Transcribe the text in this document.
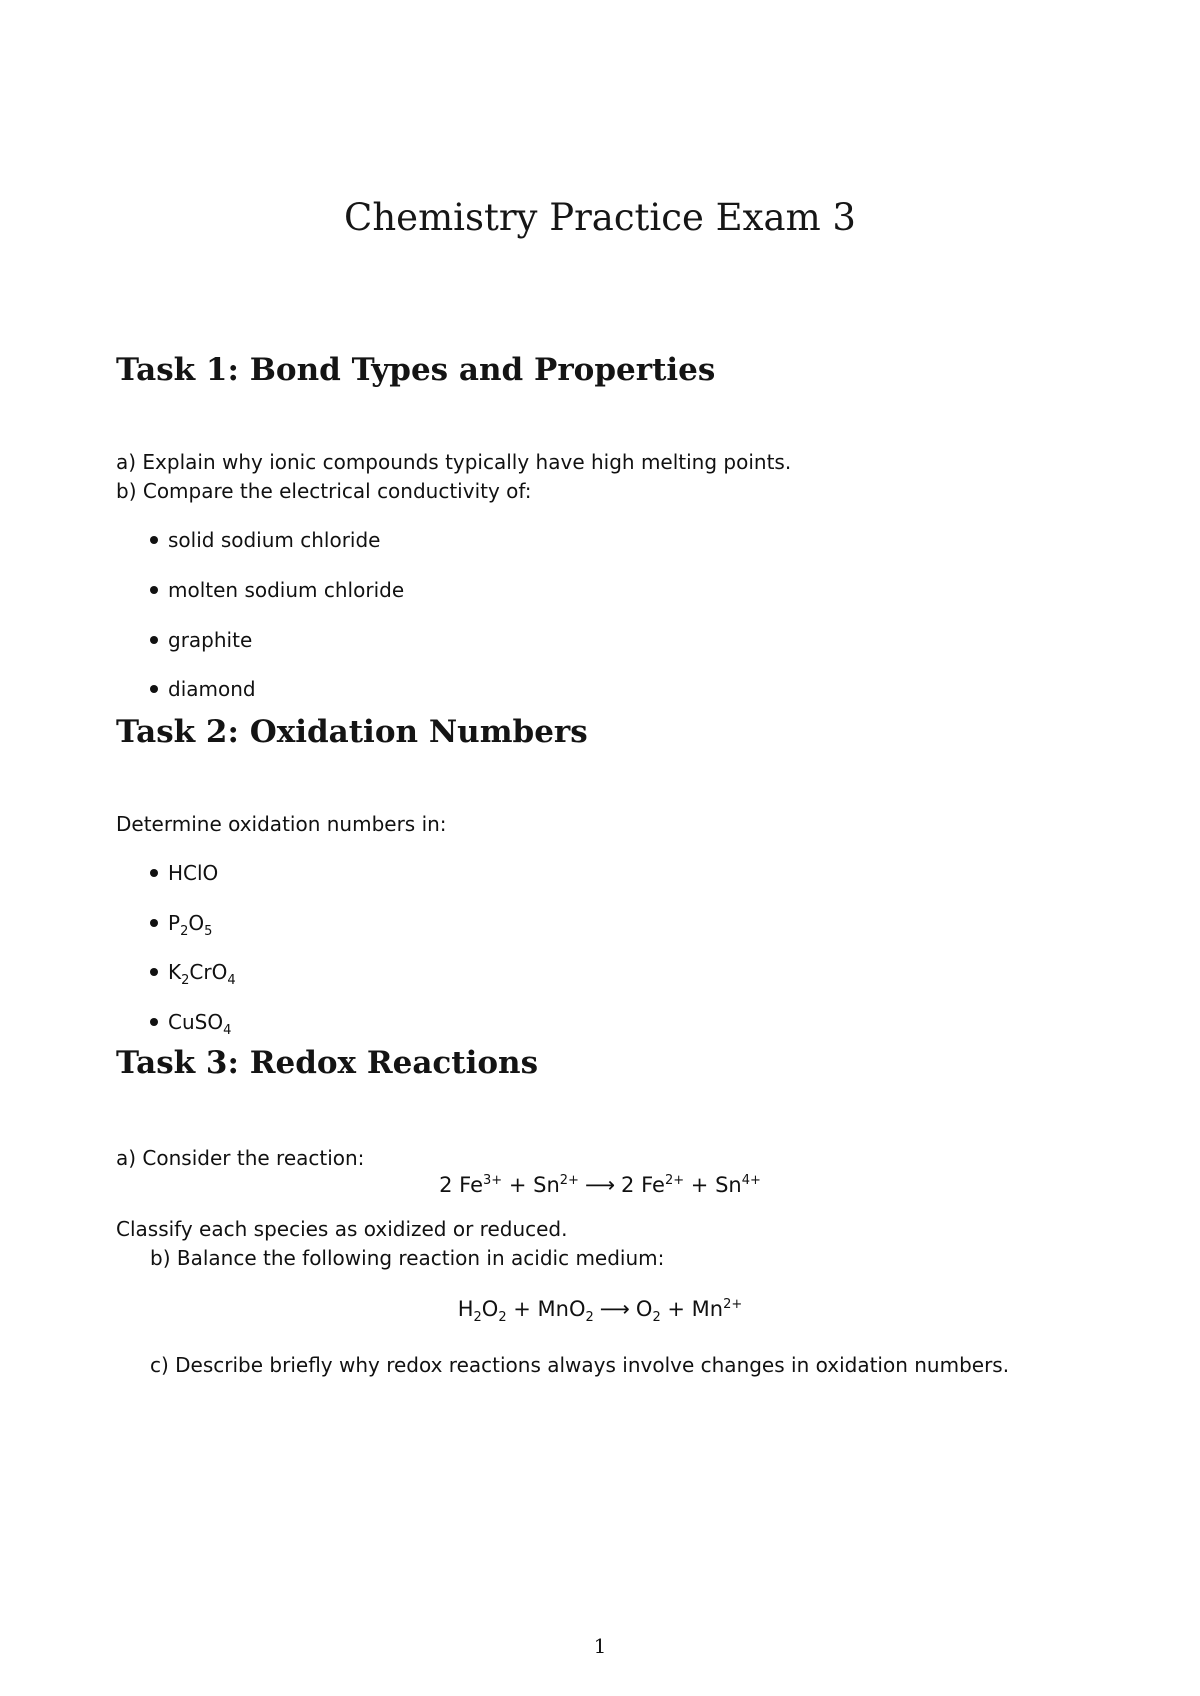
Chemistry Practice Exam 3
Task 1: Bond Types and Properties

a) Explain why ionic compounds typically have high melting points.

b) Compare the electrical conductivity of:

solid sodium chloride
molten sodium chloride
graphite
diamond
Task 2: Oxidation Numbers

Determine oxidation numbers in:

HClO
$P_2O_5$
$K_2CrO_4$
CuSO$_4$
Task 3: Redox Reactions

a) Consider the reaction:

2 $Fe^{3+} + Sn^{2+}$ ⟶ 2 $Fe^{2+} + Sn^{4+}$

Classify each species as oxidized or reduced.

b) Balance the following reaction in acidic medium:

$H_2O_2 + MnO_2$ ⟶ $O_2 + Mn^{2+}$

c) Describe briefly why redox reactions always involve changes in oxidation numbers.

1
